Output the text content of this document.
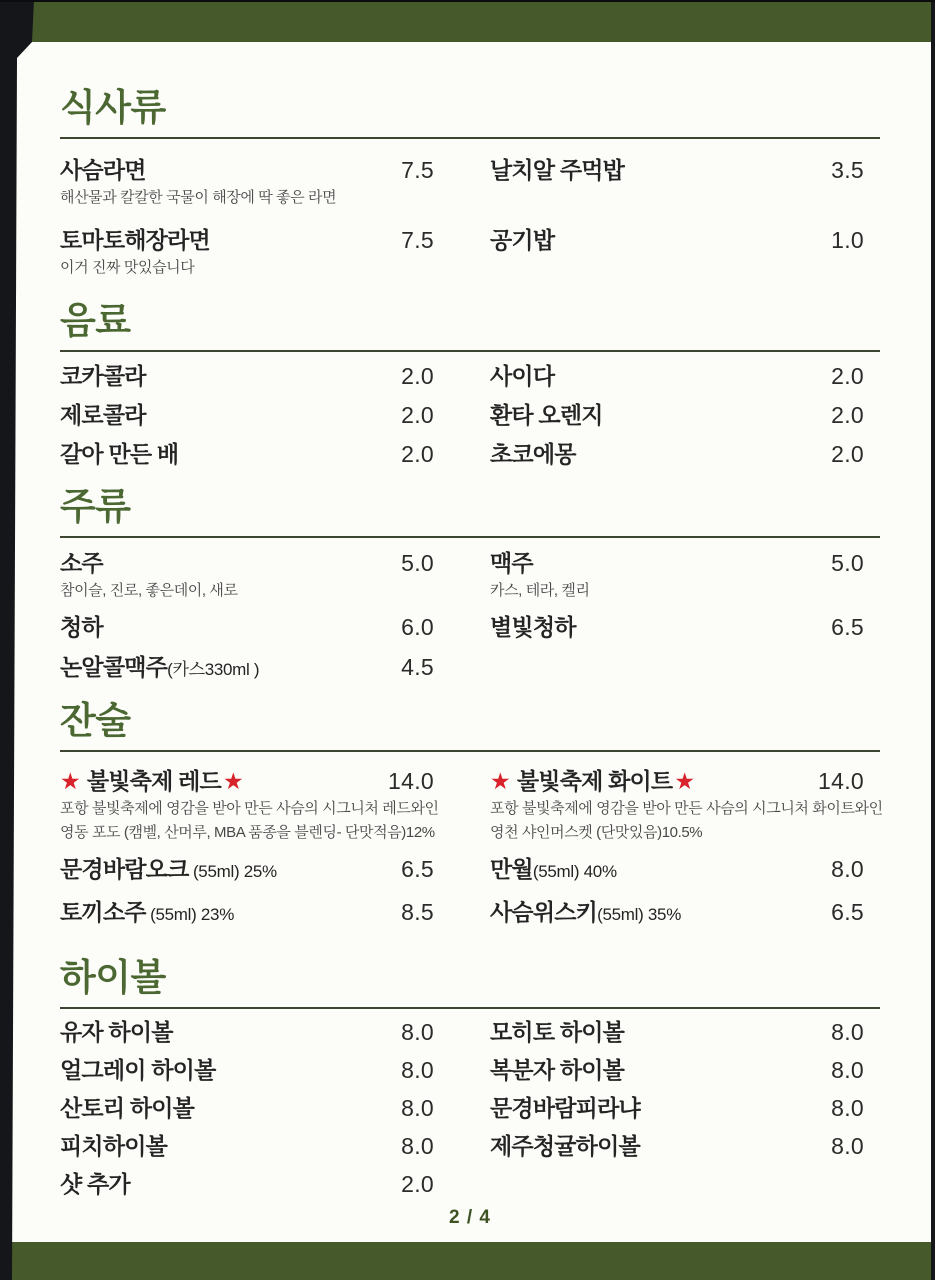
식사류
사슴라면	7.5
해산물과 칼칼한 국물이 해장에 딱 좋은 라면
날치알 주먹밥	3.5
토마토해장라면	7.5
이거 진짜 맛있습니다
공기밥	1.0
음료
코카콜라	2.0 사이다	2.0
제로콜라	2.0 환타 오렌지	2.0
갈아 만든 배	2.0 초코에몽	2.0
주류
소주	5.0
참이슬, 진로, 좋은데이, 새로
맥주	5.0
카스, 테라, 켈리
청하	6.0 별빛청하	6.5
논알콜맥주(카스330ml )	4.5
잔술
★ 불빛축제 레드★	14.0
포항 불빛축제에 영감을 받아 만든 사슴의 시그니처 레드와인
영동 포도 (캠벨, 산머루, MBA 품종을 블렌딩- 단맛적음)12%
★ 불빛축제 화이트★	14.0
포항 불빛축제에 영감을 받아 만든 사슴의 시그니처 화이트와인
영천 샤인머스켓 (단맛있음)10.5%
문경바람오크 (55ml) 25%	6.5 만월(55ml) 40%	8.0
토끼소주 (55ml) 23%	8.5 사슴위스키(55ml) 35%	6.5
하이볼
유자 하이볼	8.0 모히토 하이볼	8.0
얼그레이 하이볼	8.0 복분자 하이볼	8.0
산토리 하이볼	8.0 문경바람피라냐	8.0
피치하이볼	8.0 제주청귤하이볼	8.0
샷 추가	2.0
2 / 4
